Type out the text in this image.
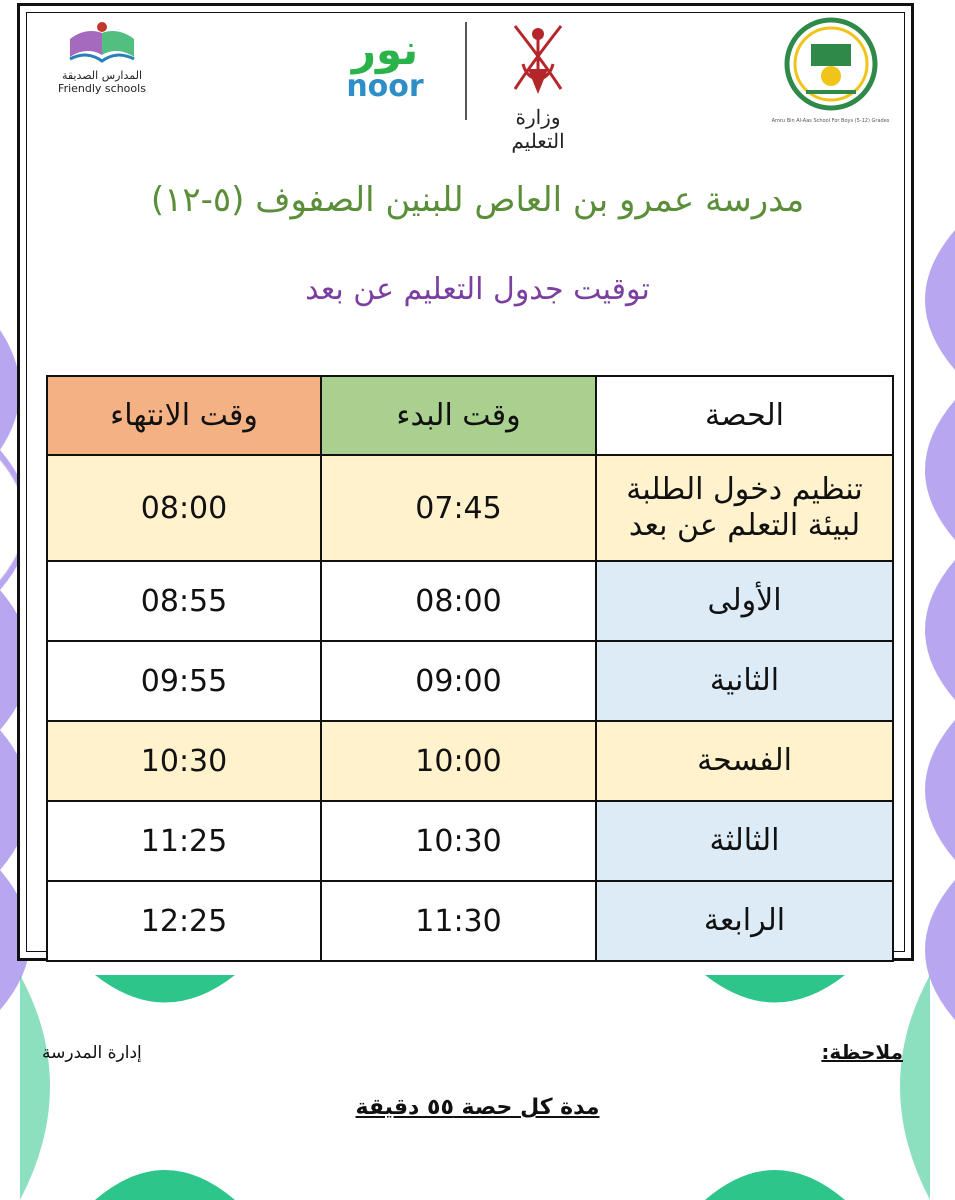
المدارس الصديقة
Friendly schools
نور
noor
وزارة التعليم
Amru Bin Al-Aas School For Boys (5-12) Grades
مدرسة عمرو بن العاص للبنين الصفوف (٥-١٢)
توقيت جدول التعليم عن بعد
الحصة	وقت البدء	وقت الانتهاء

تنظيم دخول الطلبة
لبيئة التعلم عن بعد	07:45	08:00
الأولى	08:00	08:55
الثانية	09:00	09:55
الفسحة	10:00	10:30
الثالثة	10:30	11:25
الرابعة	11:30	12:25
ملاحظة:
إدارة المدرسة
مدة كل حصة ٥٥ دقيقة
